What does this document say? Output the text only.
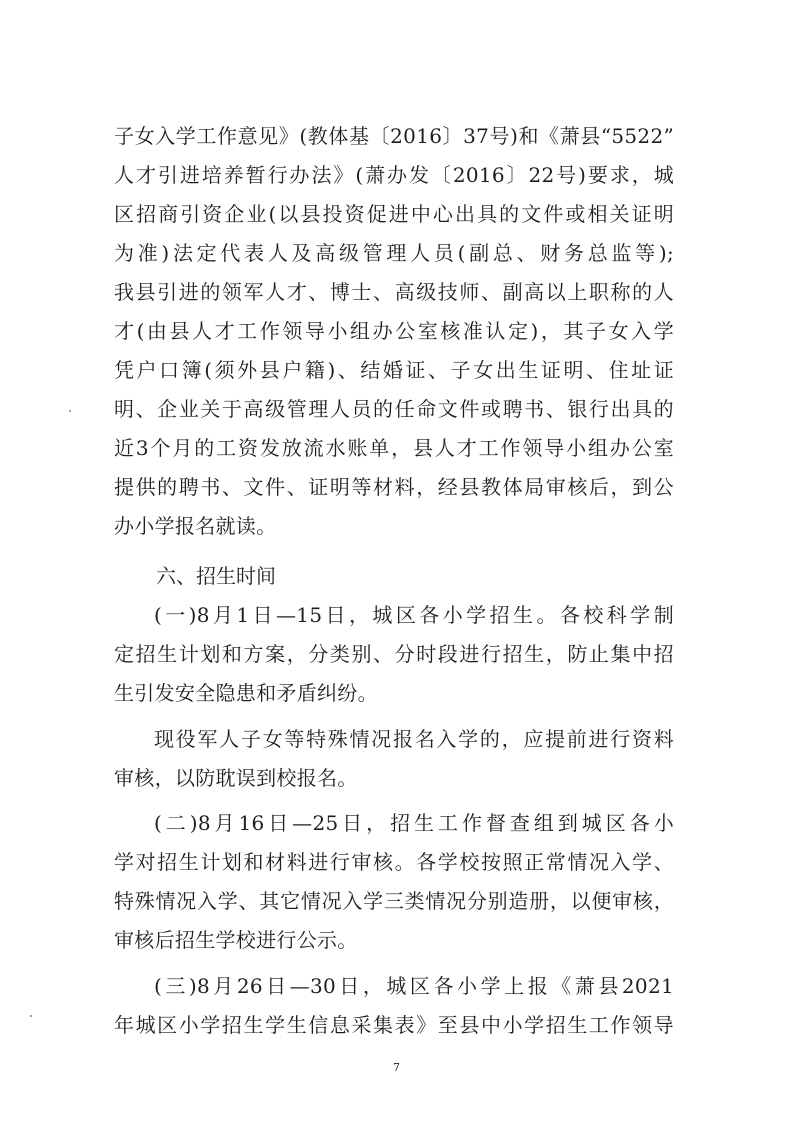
子女入学工作意见》(教体基〔2016〕37号)和《萧县“5522”
人才引进培养暂行办法》(萧办发〔2016〕22号)要求，城
区招商引资企业(以县投资促进中心出具的文件或相关证明
为准)法定代表人及高级管理人员(副总、财务总监等);
我县引进的领军人才、博士、高级技师、副高以上职称的人
才(由县人才工作领导小组办公室核准认定)，其子女入学
凭户口簿(须外县户籍)、结婚证、子女出生证明、住址证
明、企业关于高级管理人员的任命文件或聘书、银行出具的
近3个月的工资发放流水账单，县人才工作领导小组办公室
提供的聘书、文件、证明等材料，经县教体局审核后，到公
办小学报名就读。
六、招生时间
(一)8月1日—15日，城区各小学招生。各校科学制
定招生计划和方案，分类别、分时段进行招生，防止集中招
生引发安全隐患和矛盾纠纷。
现役军人子女等特殊情况报名入学的，应提前进行资料
审核，以防耽误到校报名。
(二)8月16日—25日，招生工作督查组到城区各小
学对招生计划和材料进行审核。各学校按照正常情况入学、
特殊情况入学、其它情况入学三类情况分别造册，以便审核，
审核后招生学校进行公示。
(三)8月26日—30日，城区各小学上报《萧县2021
年城区小学招生学生信息采集表》至县中小学招生工作领导
7
